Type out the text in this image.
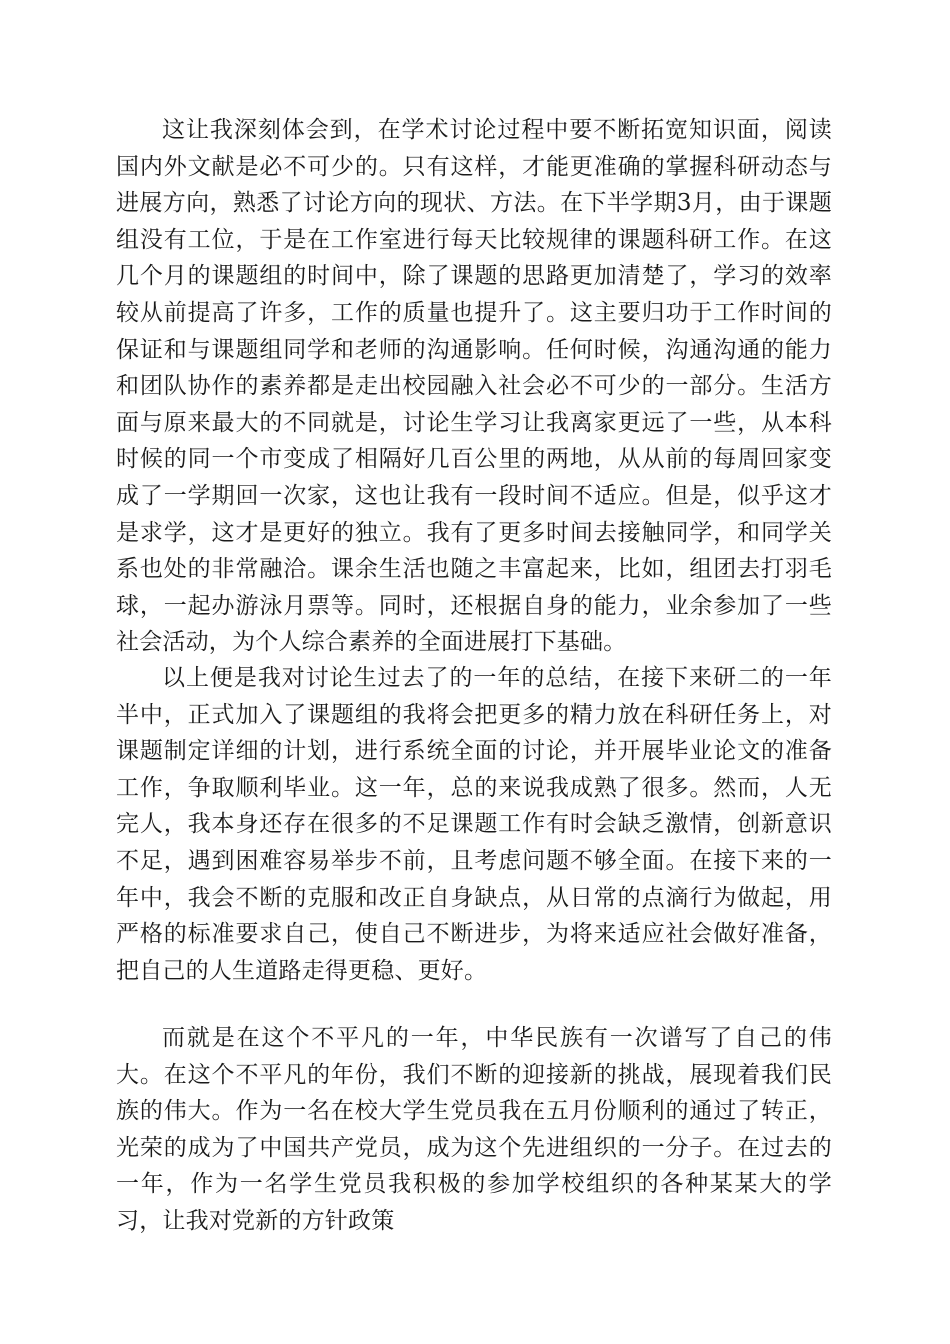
这让我深刻体会到，在学术讨论过程中要不断拓宽知识面，阅读国内外文献是必不可少的。只有这样，才能更准确的掌握科研动态与进展方向，熟悉了讨论方向的现状、方法。在下半学期3月，由于课题组没有工位，于是在工作室进行每天比较规律的课题科研工作。在这几个月的课题组的时间中，除了课题的思路更加清楚了，学习的效率较从前提高了许多，工作的质量也提升了。这主要归功于工作时间的保证和与课题组同学和老师的沟通影响。任何时候，沟通沟通的能力和团队协作的素养都是走出校园融入社会必不可少的一部分。生活方面与原来最大的不同就是，讨论生学习让我离家更远了一些，从本科时候的同一个市变成了相隔好几百公里的两地，从从前的每周回家变成了一学期回一次家，这也让我有一段时间不适应。但是，似乎这才是求学，这才是更好的独立。我有了更多时间去接触同学，和同学关系也处的非常融洽。课余生活也随之丰富起来，比如，组团去打羽毛球，一起办游泳月票等。同时，还根据自身的能力，业余参加了一些社会活动，为个人综合素养的全面进展打下基础。

以上便是我对讨论生过去了的一年的总结，在接下来研二的一年半中，正式加入了课题组的我将会把更多的精力放在科研任务上，对课题制定详细的计划，进行系统全面的讨论，并开展毕业论文的准备工作，争取顺利毕业。这一年，总的来说我成熟了很多。然而，人无完人，我本身还存在很多的不足课题工作有时会缺乏激情，创新意识不足，遇到困难容易举步不前，且考虑问题不够全面。在接下来的一年中，我会不断的克服和改正自身缺点，从日常的点滴行为做起，用严格的标准要求自己，使自己不断进步，为将来适应社会做好准备，把自己的人生道路走得更稳、更好。

而就是在这个不平凡的一年，中华民族有一次谱写了自己的伟大。在这个不平凡的年份，我们不断的迎接新的挑战，展现着我们民族的伟大。作为一名在校大学生党员我在五月份顺利的通过了转正，光荣的成为了中国共产党员，成为这个先进组织的一分子。在过去的一年，作为一名学生党员我积极的参加学校组织的各种某某大的学习，让我对党新的方针政策
